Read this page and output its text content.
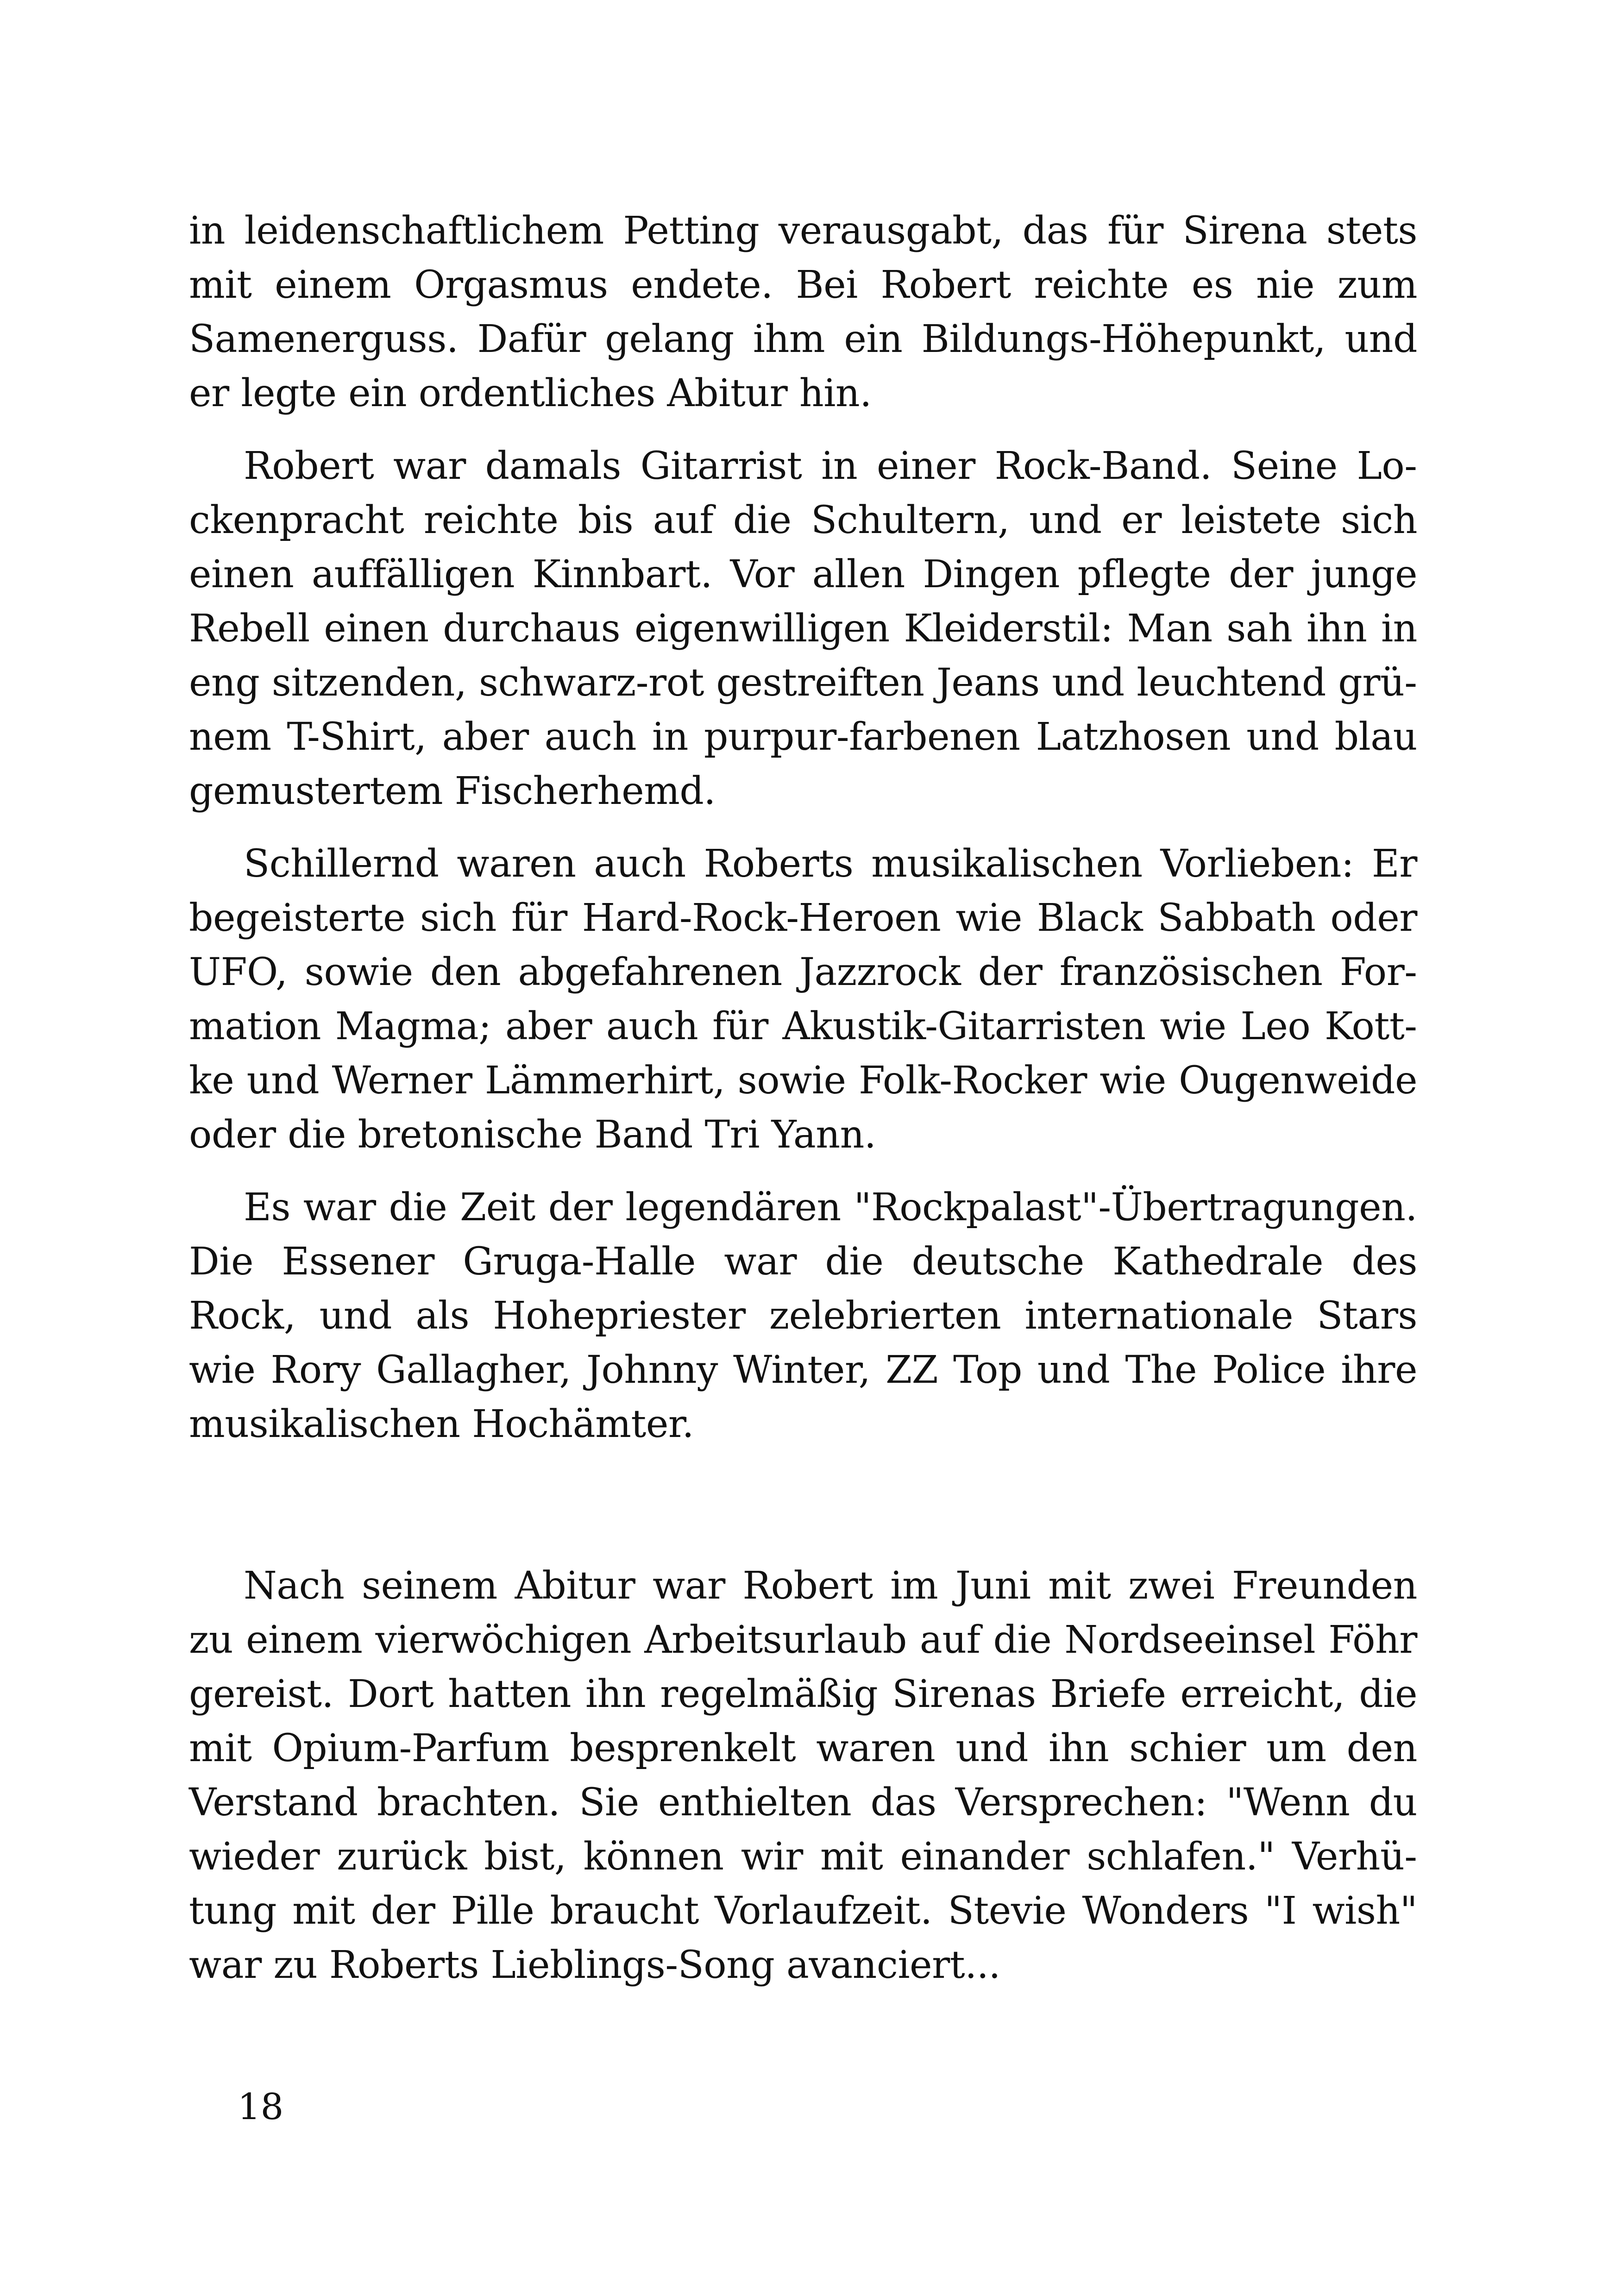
in leidenschaftlichem Petting verausgabt, das für Sirena stets mit einem Orgasmus endete. Bei Robert reichte es nie zum Samenerguss. Dafür gelang ihm ein Bildungs-Höhepunkt, und er legte ein ordentliches Abitur hin.

Robert war damals Gitarrist in einer Rock-Band. Seine Lockenpracht reichte bis auf die Schultern, und er leistete sich einen auffälligen Kinnbart. Vor allen Dingen pflegte der junge Rebell einen durchaus eigenwilligen Kleiderstil: Man sah ihn in eng sitzenden, schwarz-rot gestreiften Jeans und leuchtend grünem T-Shirt, aber auch in purpur-farbenen Latzhosen und blau gemustertem Fischerhemd.

Schillernd waren auch Roberts musikalischen Vorlieben: Er begeisterte sich für Hard-Rock-Heroen wie Black Sabbath oder UFO, sowie den abgefahrenen Jazzrock der französischen Formation Magma; aber auch für Akustik-Gitarristen wie Leo Kottke und Werner Lämmerhirt, sowie Folk-Rocker wie Ougenweide oder die bretonische Band Tri Yann.

Es war die Zeit der legendären "Rockpalast"-Übertragungen. Die Essener Gruga-Halle war die deutsche Kathedrale des Rock, und als Hohepriester zelebrierten internationale Stars wie Rory Gallagher, Johnny Winter, ZZ Top und The Police ihre musikalischen Hochämter.

Nach seinem Abitur war Robert im Juni mit zwei Freunden zu einem vierwöchigen Arbeitsurlaub auf die Nordseeinsel Föhr gereist. Dort hatten ihn regelmäßig Sirenas Briefe erreicht, die mit Opium-Parfum besprenkelt waren und ihn schier um den Verstand brachten. Sie enthielten das Versprechen: "Wenn du wieder zurück bist, können wir mit einander schlafen." Verhütung mit der Pille braucht Vorlaufzeit. Stevie Wonders "I wish" war zu Roberts Lieblings-Song avanciert...

18
